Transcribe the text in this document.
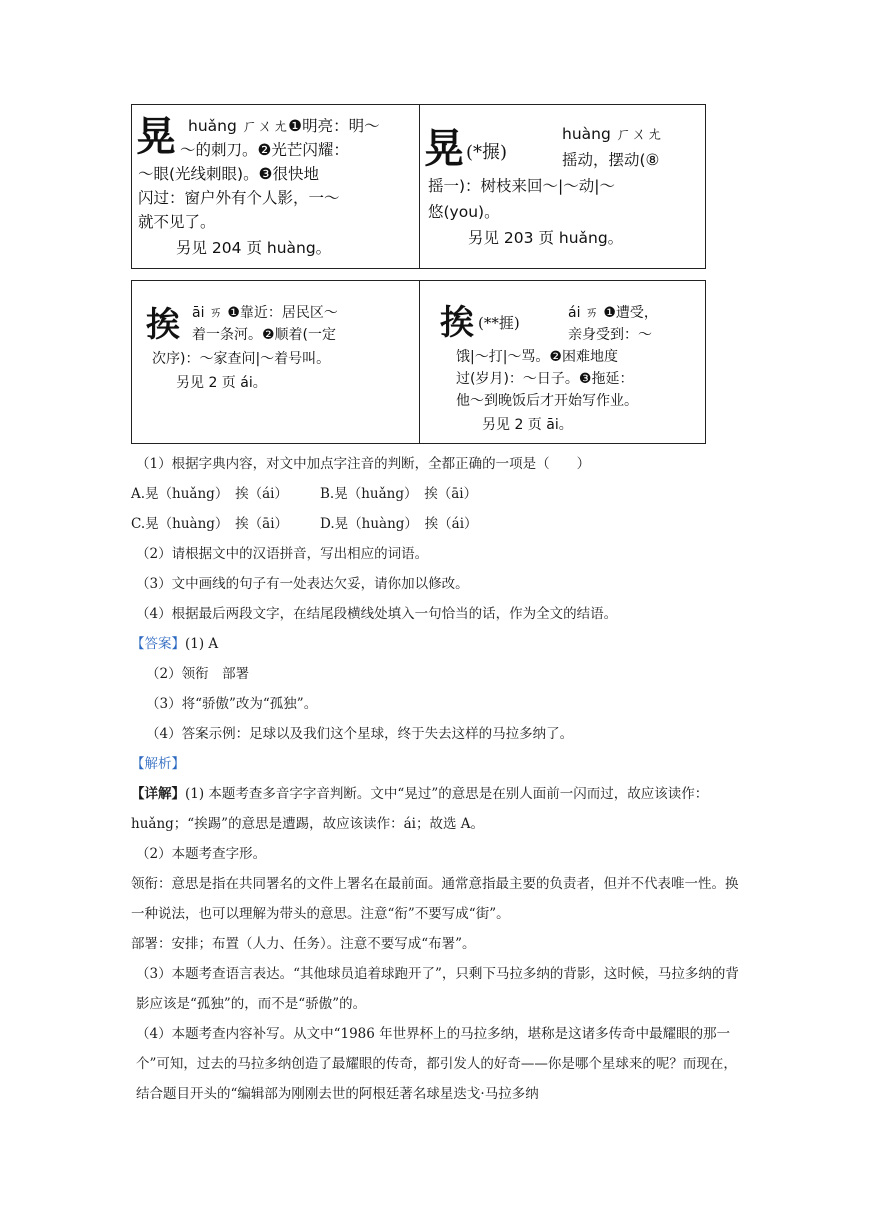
晃 huǎng ㄏㄨㄤ❶明亮：明～
～的刺刀。❷光芒闪耀：
～眼(光线刺眼)。❸很快地
闪过：窗户外有个人影，一～
就不见了。
另见 204 页 huàng。
晃 (*搌)
huàng ㄏㄨㄤ
摇动，摆动(⑧
摇一)：树枝来回～|～动|～
悠(you)。
另见 203 页 huǎng。
挨 āi ㄞ ❶靠近：居民区～
着一条河。❷顺着(一定
次序)：～家查问|～着号叫。
另见 2 页 ái。
挨 (**捱)
ái ㄞ ❶遭受，
亲身受到：～
饿|～打|～骂。❷困难地度
过(岁月)：～日子。❸拖延：
他～到晚饭后才开始写作业。
另见 2 页 āi。
（1）根据字典内容，对文中加点字注音的判断，全都正确的一项是（　　）
A.晃（huǎng）　挨（ái） B.晃（huǎng）　挨（āi）
C.晃（huàng）　挨（āi） D.晃（huàng）　挨（ái）
（2）请根据文中的汉语拼音，写出相应的词语。
（3）文中画线的句子有一处表达欠妥，请你加以修改。
（4）根据最后两段文字，在结尾段横线处填入一句恰当的话，作为全文的结语。
【答案】(1) A
（2）领衔　部署
（3）将“骄傲”改为“孤独”。
（4）答案示例：足球以及我们这个星球，终于失去这样的马拉多纳了。
【解析】
【详解】(1) 本题考查多音字字音判断。文中“晃过”的意思是在别人面前一闪而过，故应该读作：huǎng；“挨踢”的意思是遭踢，故应该读作：ái；故选 A。
（2）本题考查字形。
领衔：意思是指在共同署名的文件上署名在最前面。通常意指最主要的负责者，但并不代表唯一性。换一种说法，也可以理解为带头的意思。注意“衔”不要写成“街”。
部署：安排；布置（人力、任务）。注意不要写成“布署”。
（3）本题考查语言表达。“其他球员追着球跑开了”，只剩下马拉多纳的背影，这时候，马拉多纳的背影应该是“孤独”的，而不是“骄傲”的。
（4）本题考查内容补写。从文中“1986 年世界杯上的马拉多纳，堪称是这诸多传奇中最耀眼的那一个”可知，过去的马拉多纳创造了最耀眼的传奇，都引发人的好奇——你是哪个星球来的呢？而现在，结合题目开头的“编辑部为刚刚去世的阿根廷著名球星迭戈·马拉多纳
